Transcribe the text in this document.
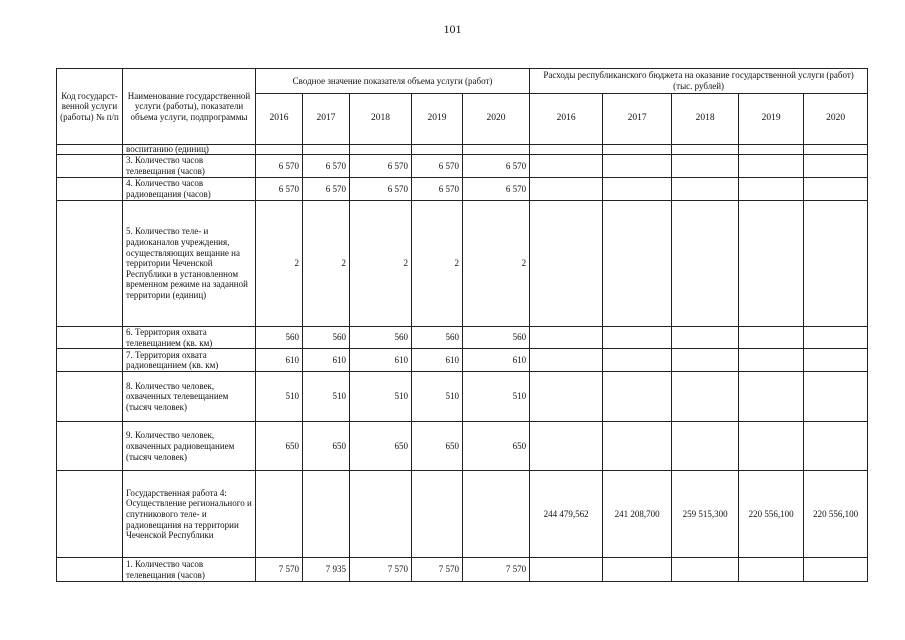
101
Код государст-венной услуги (работы) № п/п	Наименование государственной услуги (работы), показатели объема услуги, подпрограммы	Сводное значение показателя объема услуги (работ)					Расходы республиканского бюджета на оказание государственной услуги (работ) (тыс. рублей)				
		2016	2017	2018	2019	2020	2016	2017	2018	2019	2020
	воспитанию (единиц)										
	3. Количество часов телевещания (часов)	6 570	6 570	6 570	6 570	6 570					
	4. Количество часов радиовещания (часов)	6 570	6 570	6 570	6 570	6 570					
	5. Количество теле- и радиоканалов учреждения, осуществляющих вещание на территории Чеченской Республики в установленном временном режиме на заданной территории (единиц)	2	2	2	2	2					
	6. Территория охвата телевещанием (кв. км)	560	560	560	560	560					
	7. Территория охвата радиовещанием (кв. км)	610	610	610	610	610					
	8. Количество человек, охваченных телевещанием (тысяч человек)	510	510	510	510	510					
	9. Количество человек, охваченных радиовещанием (тысяч человек)	650	650	650	650	650					
	Государственная работа 4: Осуществление регионального и спутникового теле- и радиовещания на территории Чеченской Республики						244 479,562	241 208,700	259 515,300	220 556,100	220 556,100
	1. Количество часов телевещания (часов)	7 570	7 935	7 570	7 570	7 570					
